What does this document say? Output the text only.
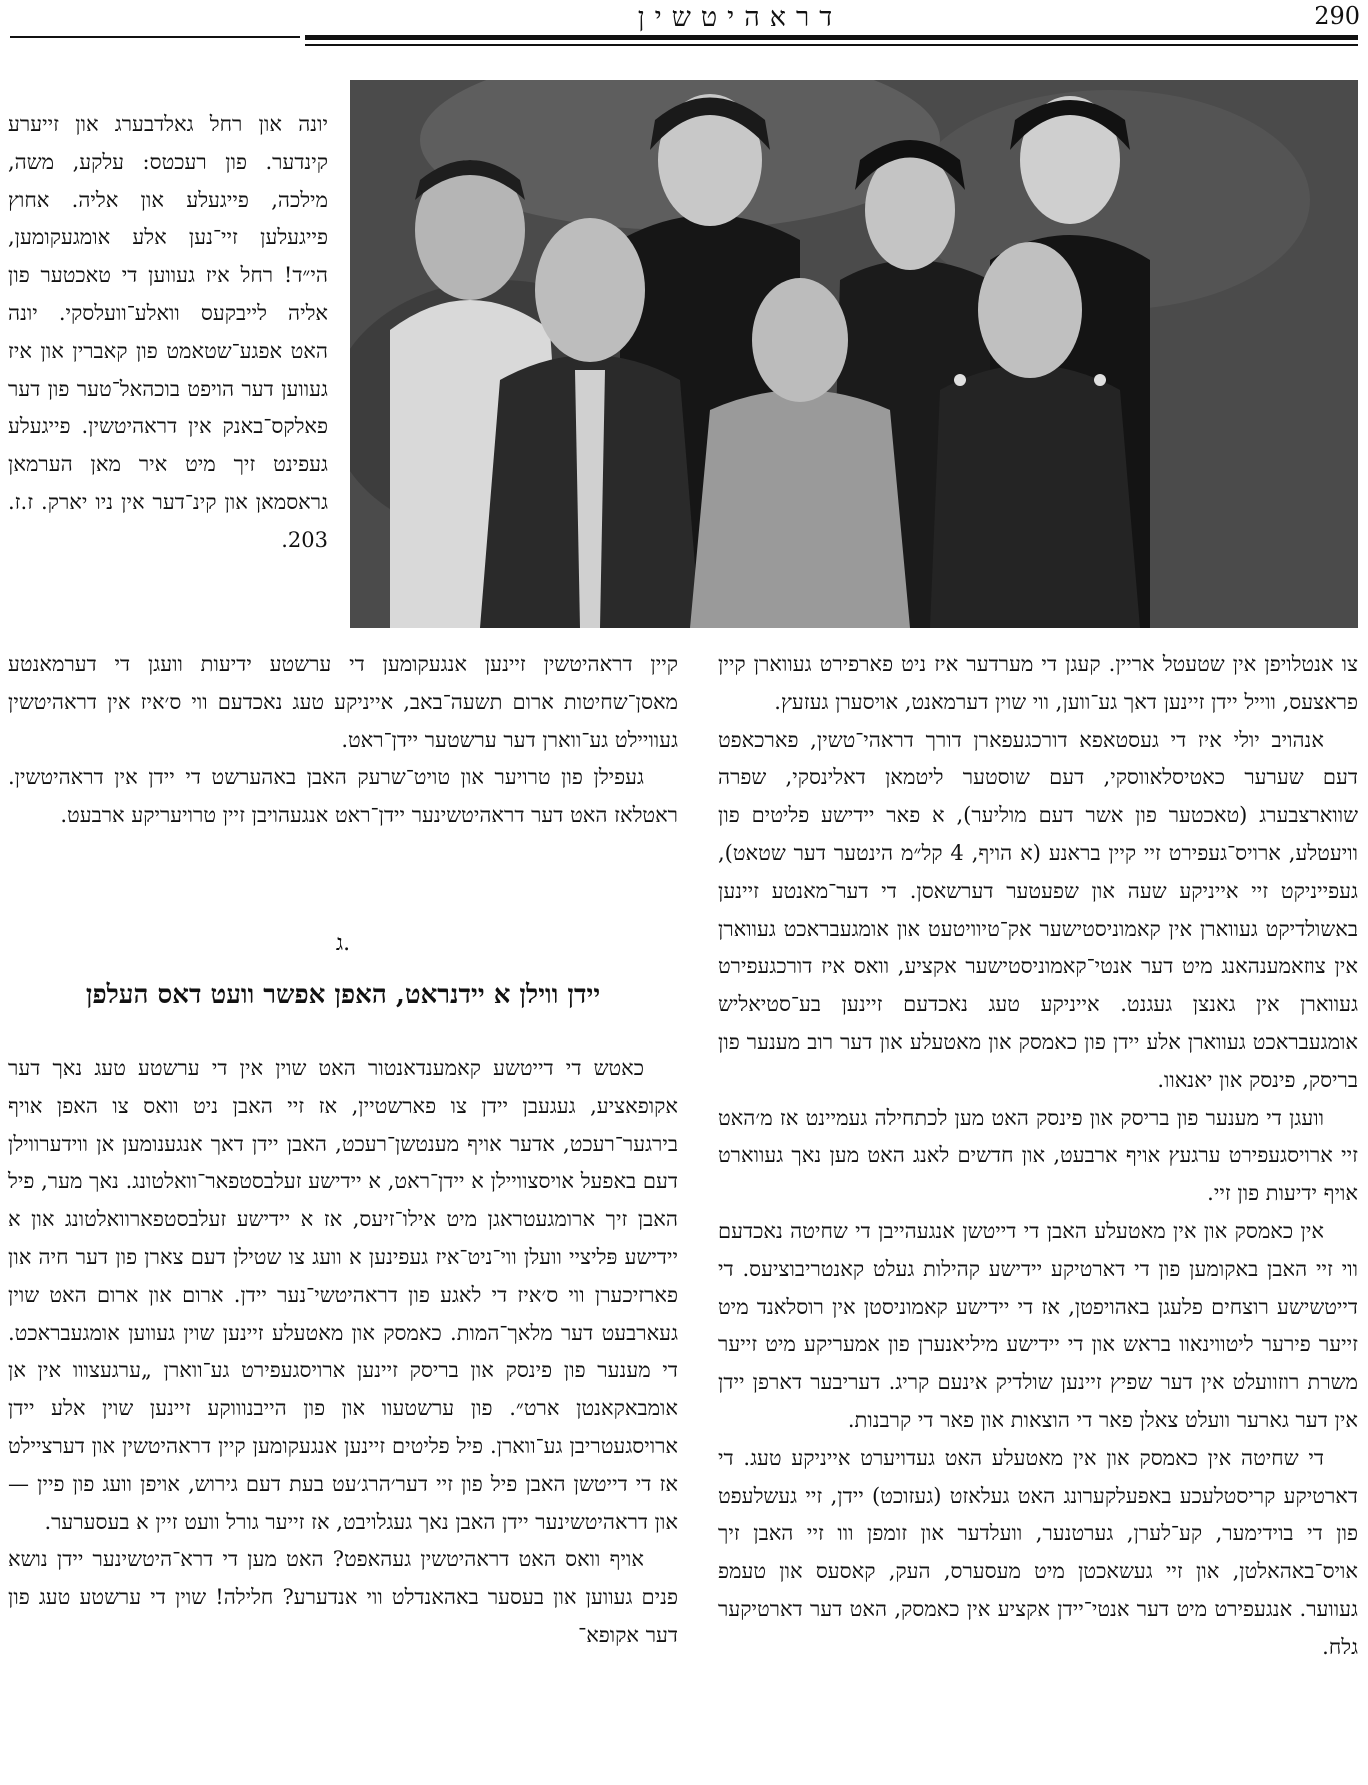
דראהיטשין	290

יונה און רחל גאלדבערג און זייערע קינדער. פון רעכטס: עלקע, משה, מילכה, פייגעלע און אליה. אחוץ פייגעלען זיי־נען אלע אומגעקומען, הי״ד! רחל איז געווען די טאכטער פון אליה לייבקעס וואלע־וועלסקי. יונה האט אפגע־שטאמט פון קאברין און איז געווען דער הויפט בוכהאל־טער פון דער פאלקס־באנק אין דראהיטשין. פייגעלע געפינט זיך מיט איר מאן הערמאן גראסמאן און קינ־דער אין ניו יארק. ז.ז. 203.

צו אנטלויפן אין שטעטל אריין. קעגן די מערדער איז ניט פארפירט געווארן קיין פראצעס, ווייל יידן זיינען דאך גע־ווען, ווי שוין דערמאנט, אויסערן געזעץ.

אנהויב יולי איז די געסטאפא דורכגעפארן דורך דראהי־טשין, פארכאפט דעם שערער כאטיסלאווסקי, דעם שוסטער ליטמאן דאלינסקי, שפרה שווארצבערג (טאכטער פון אשר דעם מוליער), א פאר יידישע פליטים פון וויעטלע, ארויס־געפירט זיי קיין בראנע (א הויף, 4 קל״מ הינטער דער שטאט), געפייניקט זיי אייניקע שעה און שפעטער דערשאסן. די דער־מאנטע זיינען באשולדיקט געווארן אין קאמוניסטישער אק־טיוויטעט און אומגעבראכט געווארן אין צוזאמענהאנג מיט דער אנטי־קאמוניסטישער אקציע, וואס איז דורכגעפירט געווארן אין גאנצן געגנט. אייניקע טעג נאכדעם זיינען בע־סטיאליש אומגעבראכט געווארן אלע יידן פון כאמסק און מאטעלע און דער רוב מענער פון בריסק, פינסק און יאנאוו.

וועגן די מענער פון בריסק און פינסק האט מען לכתחילה געמיינט אז מ׳האט זיי ארויסגעפירט ערגעץ אויף ארבעט, און חדשים לאנג האט מען נאך געווארט אויף ידיעות פון זיי.

אין כאמסק און אין מאטעלע האבן די דייטשן אנגעהייבן די שחיטה נאכדעם ווי זיי האבן באקומען פון די דארטיקע יידישע קהילות געלט קאנטריבוציעס. די דייטשישע רוצחים פלעגן באהויפטן, אז די יידישע קאמוניסטן אין רוסלאנד מיט זייער פירער ליטווינאוו בראש און די יידישע מיליאנערן פון אמעריקע מיט זייער משרת רוזוועלט אין דער שפיץ זיינען שולדיק אינעם קריג. דעריבער דארפן יידן אין דער גארער וועלט צאלן פאר די הוצאות און פאר די קרבנות.

די שחיטה אין כאמסק און אין מאטעלע האט געדויערט אייניקע טעג. די דארטיקע קריסטלעכע באפעלקערונג האט געלאזט (געזוכט) יידן, זיי געשלעפט פון די בוידימער, קע־לערן, גערטנער, וועלדער און זומפן ווו זיי האבן זיך אויס־באהאלטן, און זיי געשאכטן מיט מעסערס, העק, קאסעס און טעמפ געווער. אנגעפירט מיט דער אנטי־יידן אקציע אין כאמסק, האט דער דארטיקער גלח.

קיין דראהיטשין זיינען אנגעקומען די ערשטע ידיעות וועגן די דערמאנטע מאסן־שחיטות ארום תשעה־באב, אייניקע טעג נאכדעם ווי ס׳איז אין דראהיטשין געוויילט גע־ווארן דער ערשטער יידן־ראט.

געפילן פון טרויער און טויט־שרעק האבן באהערשט די יידן אין דראהיטשין. ראטלאז האט דער דראהיטשינער יידן־ראט אנגעהויבן זיין טרויעריקע ארבעט.

ג.
יידן ווילן א יידנראט, האפן אפשר וועט דאס העלפן

כאטש די דייטשע קאמענדאנטור האט שוין אין די ערשטע טעג נאך דער אקופאציע, געגעבן יידן צו פארשטיין, אז זיי האבן ניט וואס צו האפן אויף בירגער־רעכט, אדער אויף מענטשן־רעכט, האבן יידן דאך אנגענומען אן ווידערווילן דעם באפעל אויסצוויילן א יידן־ראט, א יידישע זעלבסטפאר־וואלטונג. נאך מער, פיל האבן זיך ארומגעטראגן מיט אילו־זיעס, אז א יידישע זעלבסטפארוואלטונג און א יידישע פּליציי וועלן ווי־ניט־איז געפינען א וועג צו שטילן דעם צארן פון דער חיה און פארזיכערן ווי ס׳איז די לאגע פון דראהיטשי־נער יידן. ארום און ארום האט שוין געארבעט דער מלאך־המות. כאמסק און מאטעלע זיינען שוין געווען אומגעבראכט. די מענער פון פינסק און בריסק זיינען ארויסגעפירט גע־ווארן „ערגעצווו אין אן אומבאקאנטן ארט״. פון ערשטעוו און פון הייבנוווקע זיינען שוין אלע יידן ארויסגעטריבן גע־ווארן. פיל פליטים זיינען אנגעקומען קיין דראהיטשין און דערציילט אז די דייטשן האבן פיל פון זיי דער׳הרג׳עט בעת דעם גירוש, אויפן וועג פון פיין — און דראהיטשינער יידן האבן נאך געגלויבט, אז זייער גורל וועט זיין א בעסערער.

אויף וואס האט דראהיטשין געהאפט? האט מען די דרא־היטשינער יידן נושא פנים געווען און בעסער באהאנדלט ווי אנדערע? חלילה! שוין די ערשטע טעג פון דער אקופא־
